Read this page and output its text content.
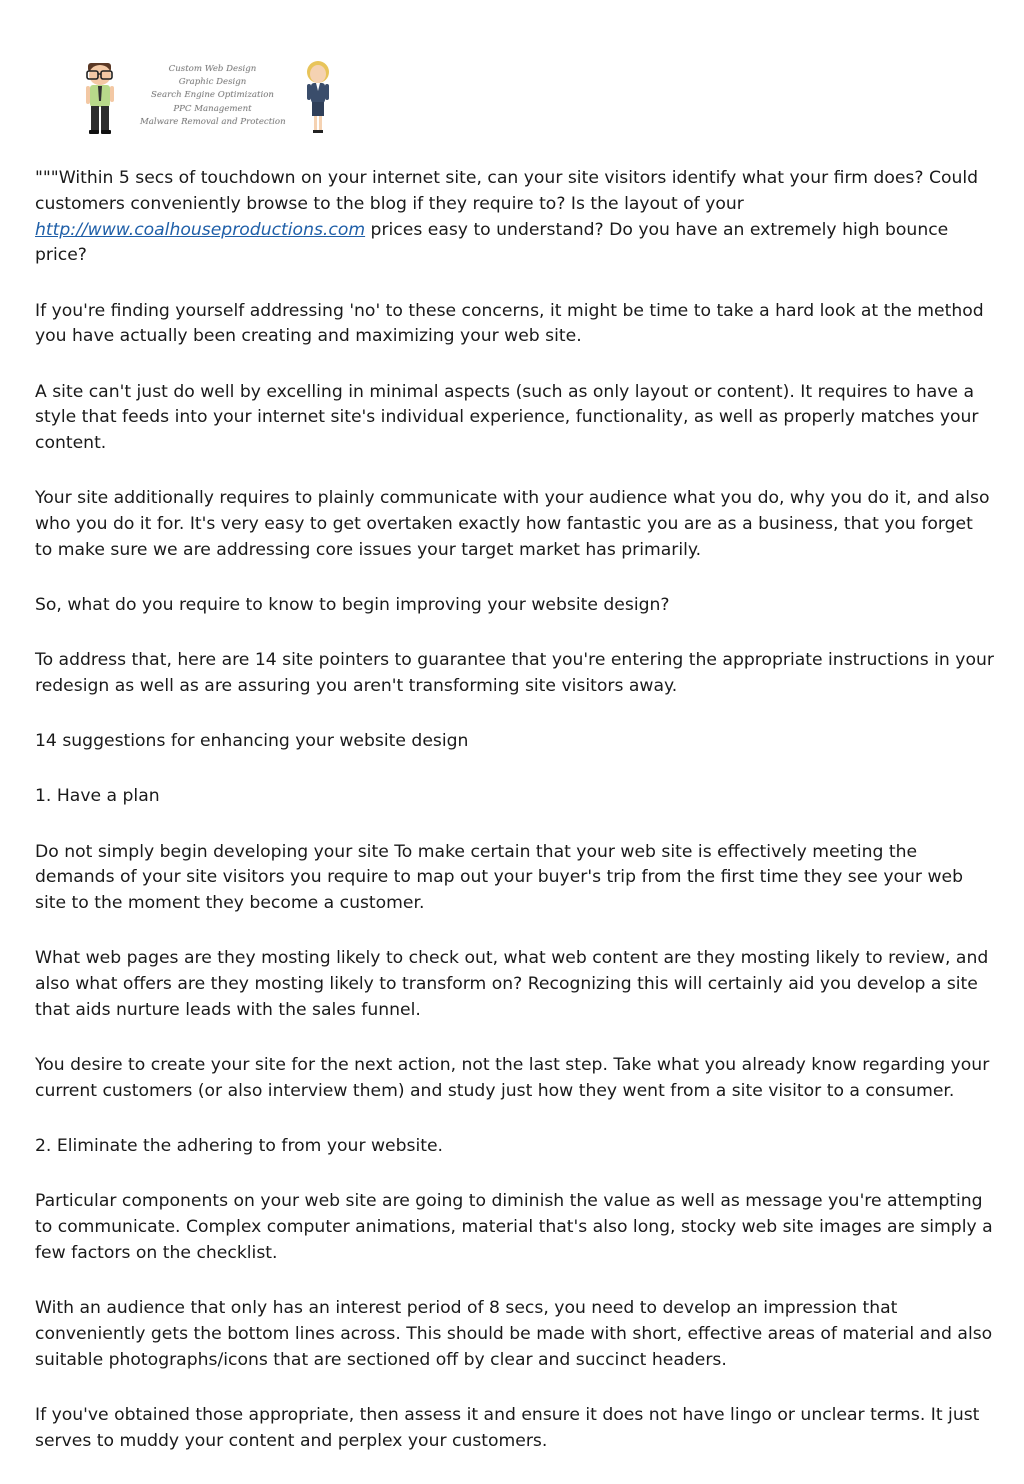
Custom Web Design
Graphic Design
Search Engine Optimization
PPC Management
Malware Removal and Protection

"""Within 5 secs of touchdown on your internet site, can your site visitors identify what your firm does? Could customers conveniently browse to the blog if they require to? Is the layout of your http://www.coalhouseproductions.com prices easy to understand? Do you have an extremely high bounce price?

If you're finding yourself addressing 'no' to these concerns, it might be time to take a hard look at the method you have actually been creating and maximizing your web site.

A site can't just do well by excelling in minimal aspects (such as only layout or content). It requires to have a style that feeds into your internet site's individual experience, functionality, as well as properly matches your content.

Your site additionally requires to plainly communicate with your audience what you do, why you do it, and also who you do it for. It's very easy to get overtaken exactly how fantastic you are as a business, that you forget to make sure we are addressing core issues your target market has primarily.

So, what do you require to know to begin improving your website design?

To address that, here are 14 site pointers to guarantee that you're entering the appropriate instructions in your redesign as well as are assuring you aren't transforming site visitors away.

14 suggestions for enhancing your website design

1. Have a plan

Do not simply begin developing your site To make certain that your web site is effectively meeting the demands of your site visitors you require to map out your buyer's trip from the first time they see your web site to the moment they become a customer.

What web pages are they mosting likely to check out, what web content are they mosting likely to review, and also what offers are they mosting likely to transform on? Recognizing this will certainly aid you develop a site that aids nurture leads with the sales funnel.

You desire to create your site for the next action, not the last step. Take what you already know regarding your current customers (or also interview them) and study just how they went from a site visitor to a consumer.

2. Eliminate the adhering to from your website.

Particular components on your web site are going to diminish the value as well as message you're attempting to communicate. Complex computer animations, material that's also long, stocky web site images are simply a few factors on the checklist.

With an audience that only has an interest period of 8 secs, you need to develop an impression that conveniently gets the bottom lines across. This should be made with short, effective areas of material and also suitable photographs/icons that are sectioned off by clear and succinct headers.

If you've obtained those appropriate, then assess it and ensure it does not have lingo or unclear terms. It just serves to muddy your content and perplex your customers.
